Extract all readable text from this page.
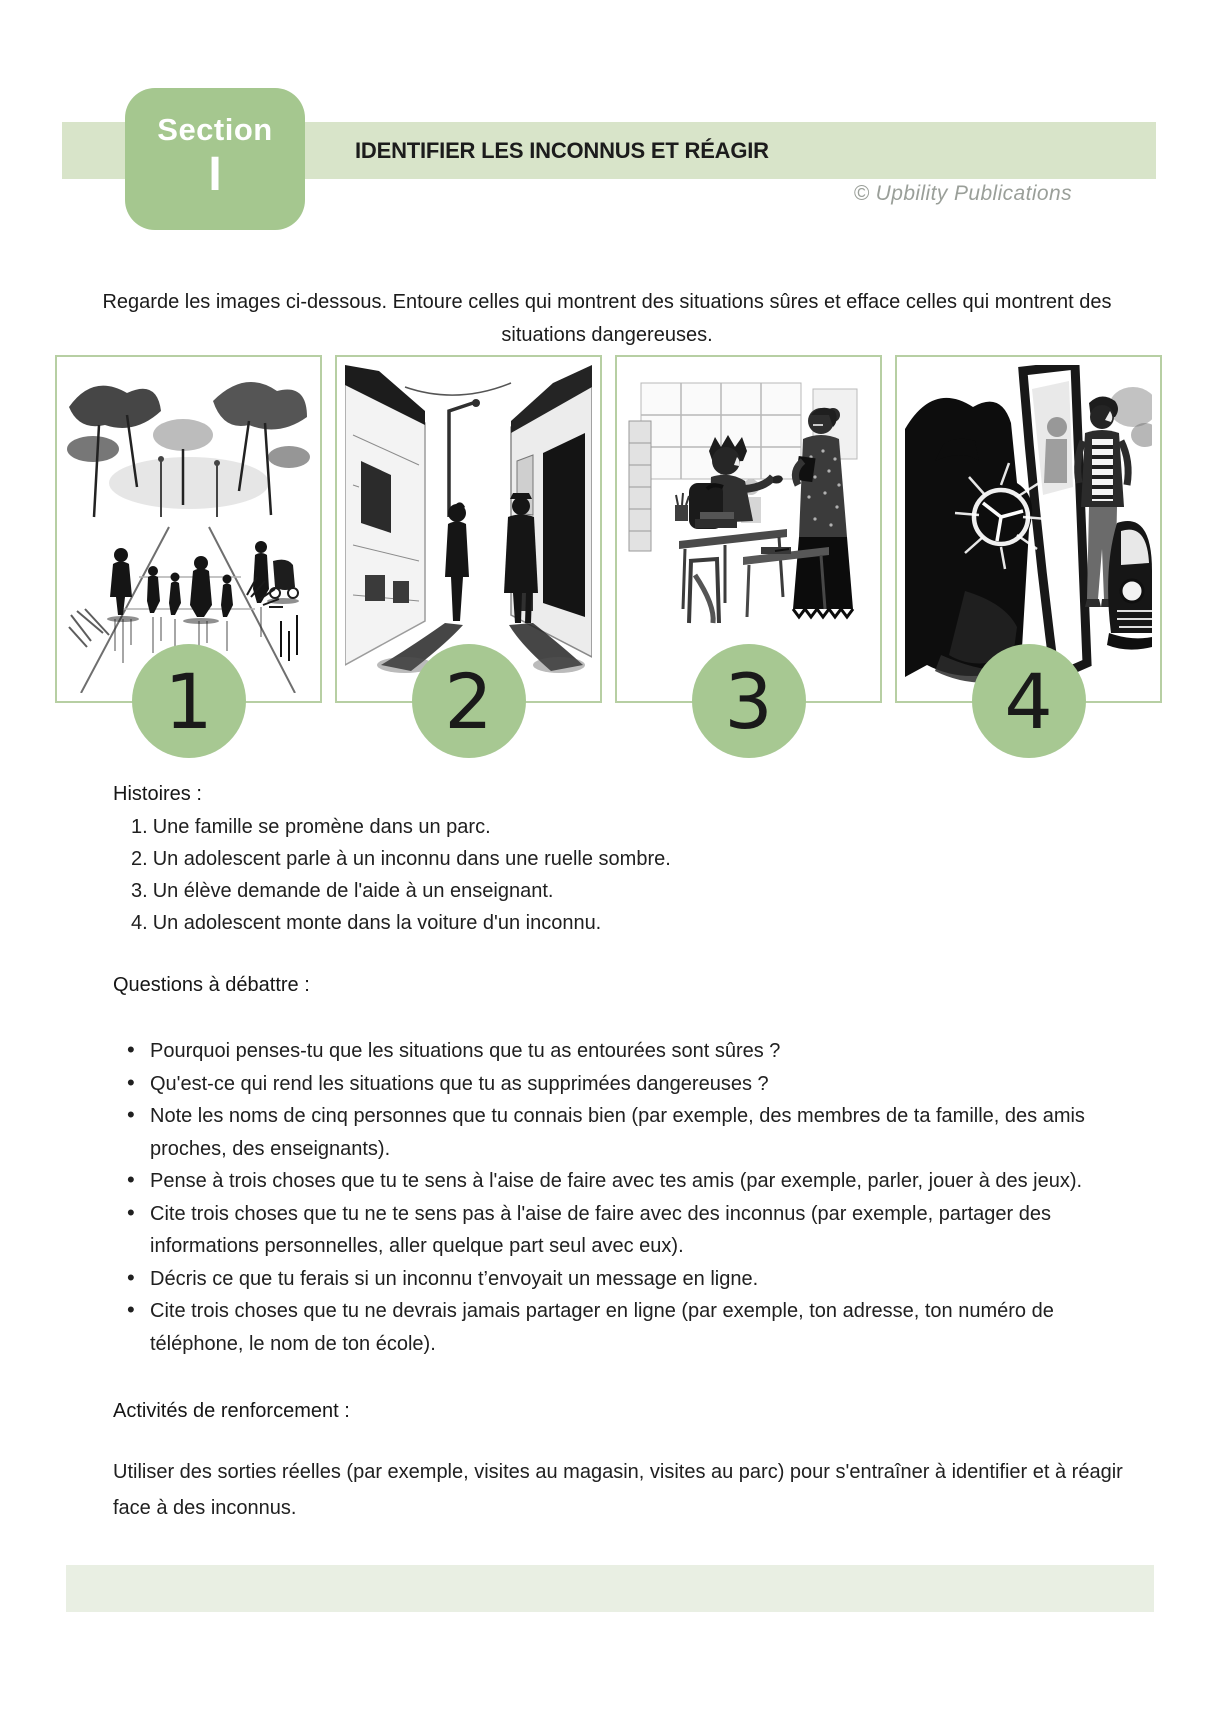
IDENTIFIER LES INCONNUS ET RÉAGIR
Section
I	© Upbility Publications

Regarde les images ci-dessous. Entoure celles qui montrent des situations sûres et efface celles qui montrent des situations dangereuses.

1	2	3	4
Histoires :
1. Une famille se promène dans un parc.
2. Un adolescent parle à un inconnu dans une ruelle sombre.
3. Un élève demande de l'aide à un enseignant.
4. Un adolescent monte dans la voiture d'un inconnu.
Questions à débattre :
• Pourquoi penses-tu que les situations que tu as entourées sont sûres ?
• Qu'est-ce qui rend les situations que tu as supprimées dangereuses ?
• Note les noms de cinq personnes que tu connais bien (par exemple, des membres de ta famille, des amis proches, des enseignants).
• Pense à trois choses que tu te sens à l'aise de faire avec tes amis (par exemple, parler, jouer à des jeux).
• Cite trois choses que tu ne te sens pas à l'aise de faire avec des inconnus (par exemple, partager des informations personnelles, aller quelque part seul avec eux).
• Décris ce que tu ferais si un inconnu t’envoyait un message en ligne.
• Cite trois choses que tu ne devrais jamais partager en ligne (par exemple, ton adresse, ton numéro de téléphone, le nom de ton école).
Activités de renforcement :

Utiliser des sorties réelles (par exemple, visites au magasin, visites au parc) pour s'entraîner à identifier et à réagir face à des inconnus.
